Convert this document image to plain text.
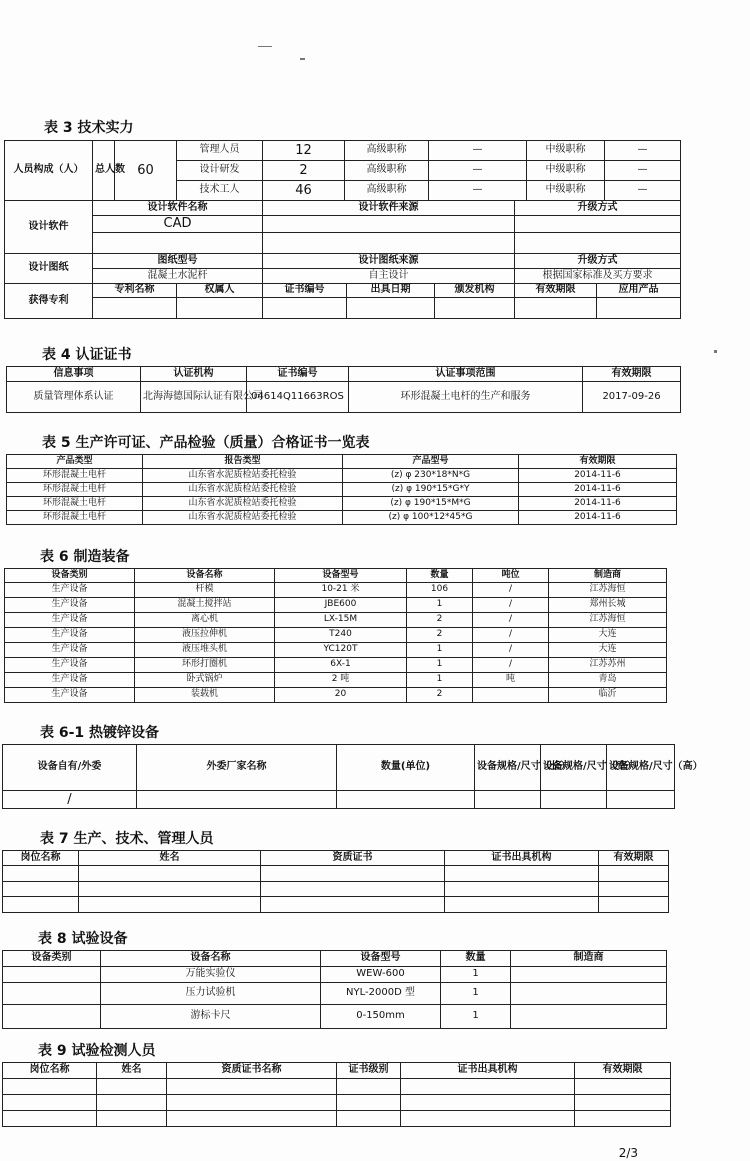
表 3 技术实力
人员构成（人）	总人数	60	管理人员	12	高级职称	—	中级职称	—
			设计研发	2	高级职称	—	中级职称	—
			技术工人	46	高级职称	—	中级职称	—
设计软件	设计软件名称	设计软件来源	升级方式
	CAD		

设计图纸	图纸型号	设计图纸来源	升级方式
	混凝土水泥杆	自主设计	根据国家标准及买方要求
获得专利	专利名称	权属人	证书编号	出具日期	颁发机构	有效期限	应用产品

表 4 认证证书
信息事项	认证机构	证书编号	认证事项范围	有效期限
质量管理体系认证	北海海德国际认证有限公司	04614Q11663ROS	环形混凝土电杆的生产和服务	2017-09-26
表 5 生产许可证、产品检验（质量）合格证书一览表
产品类型	报告类型	产品型号	有效期限
环形混凝土电杆	山东省水泥质检站委托检验	(z) φ 230*18*N*G	2014-11-6
环形混凝土电杆	山东省水泥质检站委托检验	(z) φ 190*15*G*Y	2014-11-6
环形混凝土电杆	山东省水泥质检站委托检验	(z) φ 190*15*M*G	2014-11-6
环形混凝土电杆	山东省水泥质检站委托检验	(z) φ 100*12*45*G	2014-11-6
表 6 制造装备
设备类别	设备名称	设备型号	数量	吨位	制造商
生产设备	杆模	10-21 米	106	/	江苏海恒
生产设备	混凝土搅拌站	JBE600	1	/	郑州长城
生产设备	离心机	LX-15M	2	/	江苏海恒
生产设备	液压拉伸机	T240	2	/	大连
生产设备	液压堆头机	YC120T	1	/	大连
生产设备	环形打圈机	6X-1	1	/	江苏苏州
生产设备	卧式锅炉	2 吨	1	吨	青岛
生产设备	装载机	20	2		临沂
表 6-1 热镀锌设备
设备自有/外委	外委厂家名称	数量(单位)	设备规格/尺寸（长）	设备规格/尺寸（宽）	设备规格/尺寸（高）
/					
表 7 生产、技术、管理人员
岗位名称	姓名	资质证书	证书出具机构	有效期限

表 8 试验设备
设备类别	设备名称	设备型号	数量	制造商
	万能实验仪	WEW-600	1	
	压力试验机	NYL-2000D 型	1	
	游标卡尺	0-150mm	1	
表 9 试验检测人员
岗位名称	姓名	资质证书名称	证书级别	证书出具机构	有效期限

2/3
